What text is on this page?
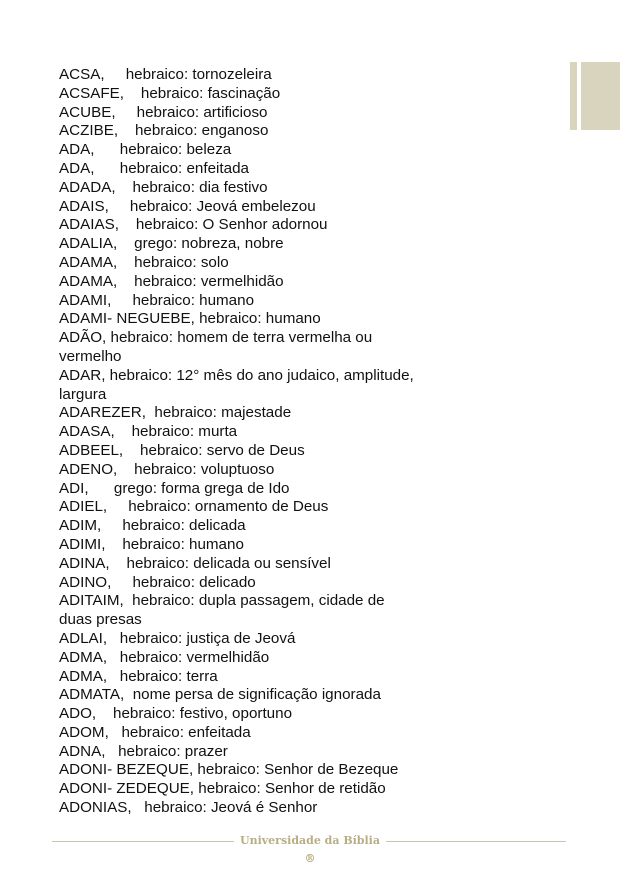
ACSA, hebraico: tornozeleira

ACSAFE, hebraico: fascinação

ACUBE, hebraico: artificioso

ACZIBE, hebraico: enganoso

ADA, hebraico: beleza

ADA, hebraico: enfeitada

ADADA, hebraico: dia festivo

ADAIS, hebraico: Jeová embelezou

ADAIAS, hebraico: O Senhor adornou

ADALIA, grego: nobreza, nobre

ADAMA, hebraico: solo

ADAMA, hebraico: vermelhidão

ADAMI, hebraico: humano

ADAMI- NEGUEBE, hebraico: humano

ADÃO, hebraico: homem de terra vermelha ou vermelho

ADAR, hebraico: 12° mês do ano judaico, amplitude, largura

ADAREZER, hebraico: majestade

ADASA, hebraico: murta

ADBEEL, hebraico: servo de Deus

ADENO, hebraico: voluptuoso

ADI, grego: forma grega de Ido

ADIEL, hebraico: ornamento de Deus

ADIM, hebraico: delicada

ADIMI, hebraico: humano

ADINA, hebraico: delicada ou sensível

ADINO, hebraico: delicado

ADITAIM, hebraico: dupla passagem, cidade de duas presas

ADLAI, hebraico: justiça de Jeová

ADMA, hebraico: vermelhidão

ADMA, hebraico: terra

ADMATA, nome persa de significação ignorada

ADO, hebraico: festivo, oportuno

ADOM, hebraico: enfeitada

ADNA, hebraico: prazer

ADONI- BEZEQUE, hebraico: Senhor de Bezeque

ADONI- ZEDEQUE, hebraico: Senhor de retidão

ADONIAS, hebraico: Jeová é Senhor

Universidade da Bíblia ®
